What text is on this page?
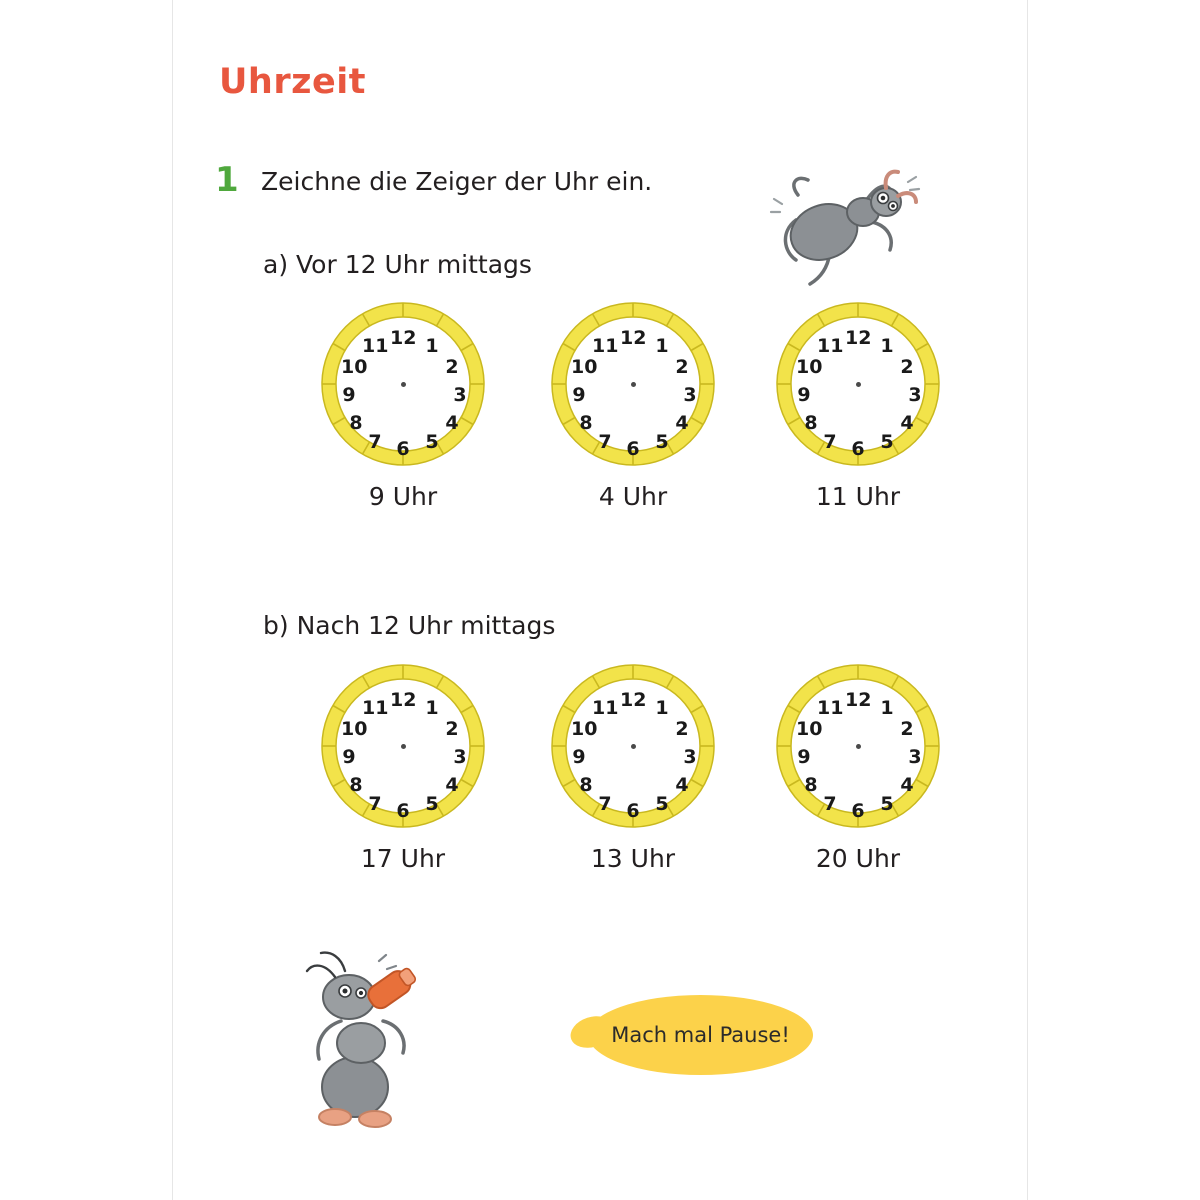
Uhrzeit
1 Zeichne die Zeiger der Uhr ein.
a) Vor 12 Uhr mittags
b) Nach 12 Uhr mittags
12 1
2
3
4
5
6
7
8
9
10
11
9 Uhr
12 1
2
3
4
5
6
7
8
9
10
11
4 Uhr
12 1
2
3
4
5
6
7
8
9
10
11
11 Uhr
12 1
2
3
4
5
6
7
8
9
10
11
17 Uhr
12 1
2
3
4
5
6
7
8
9
10
11
13 Uhr
12 1
2
3
4
5
6
7
8
9
10
11
20 Uhr
Mach mal Pause!
